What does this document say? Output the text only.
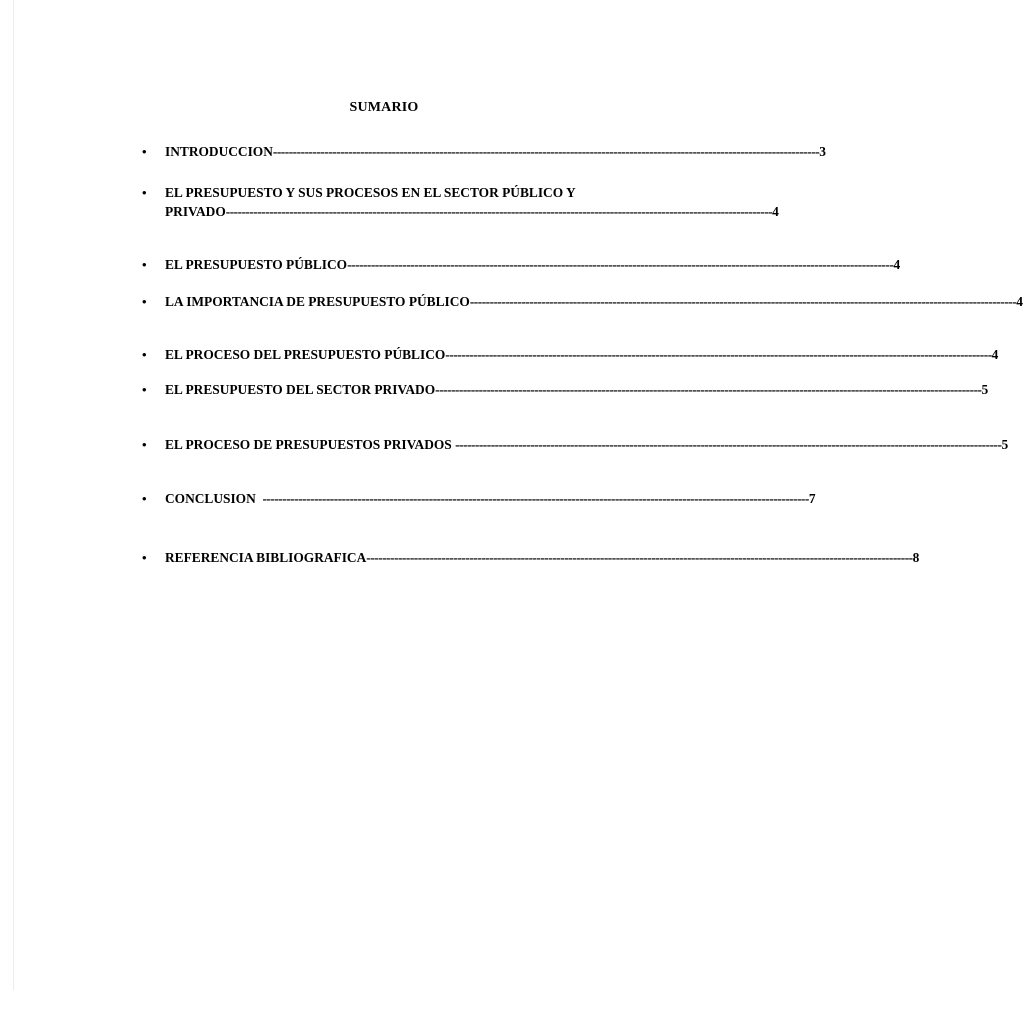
SUMARIO
• INTRODUCCION ------------------------------------------------------------------------------------------------------------------------------------------ 3
• EL PRESUPUESTO Y SUS PROCESOS EN EL SECTOR PÚBLICO Y
PRIVADO ------------------------------------------------------------------------------------------------------------------------------------------ 4
• EL PRESUPUESTO PÚBLICO ------------------------------------------------------------------------------------------------------------------------------------------ 4
• LA IMPORTANCIA DE PRESUPUESTO PÚBLICO ------------------------------------------------------------------------------------------------------------------------------------------ 4
• EL PROCESO DEL PRESUPUESTO PÚBLICO ------------------------------------------------------------------------------------------------------------------------------------------ 4
• EL PRESUPUESTO DEL SECTOR PRIVADO ------------------------------------------------------------------------------------------------------------------------------------------ 5
• EL PROCESO DE PRESUPUESTOS PRIVADOS ------------------------------------------------------------------------------------------------------------------------------------------ 5
• CONCLUSION ------------------------------------------------------------------------------------------------------------------------------------------ 7
• REFERENCIA BIBLIOGRAFICA ------------------------------------------------------------------------------------------------------------------------------------------ 8
